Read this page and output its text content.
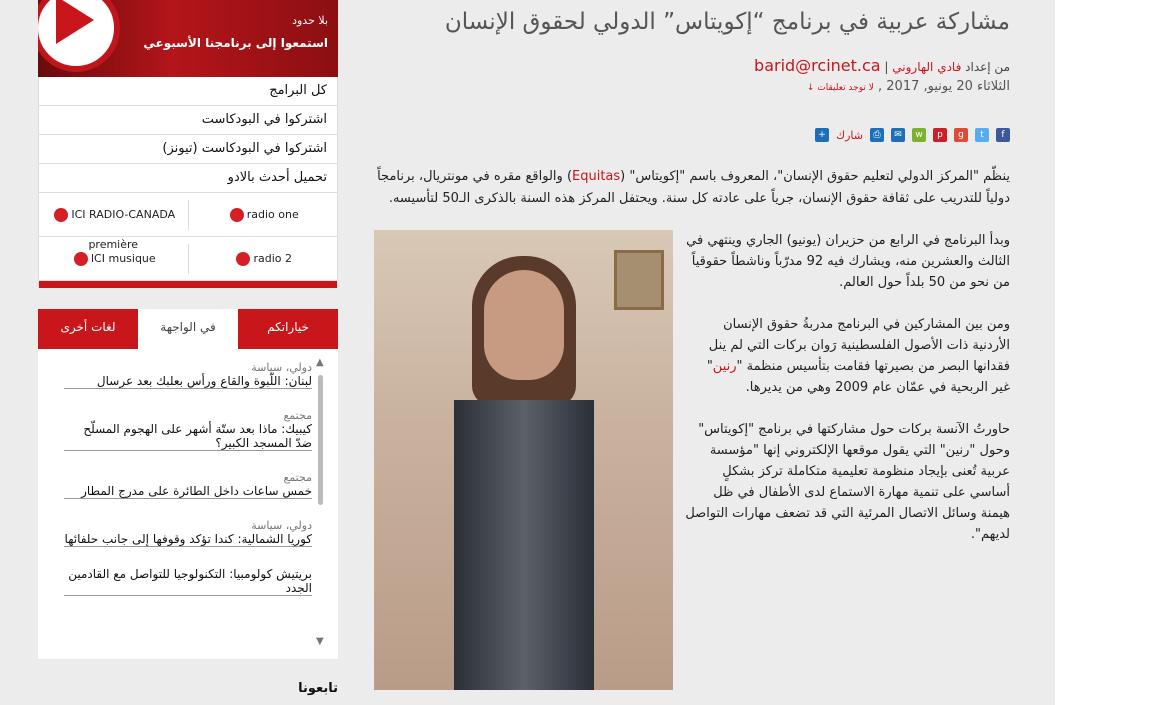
بلا حدود
استمعوا إلى برنامجنا الأسبوعي
كل البرامج
اشتركوا في البودكاست
اشتركوا في البودكاست (تيونز)
تحميل أحدث بالادو
ICI RADIO-CANADA première
radio one
ICI musique	radio 2
لغات أخرى	في الواجهة	خياراتكم
دولي، سياسة
لبنان: اللّبوة والقاع ورأس بعلبك بعد عرسال
مجتمع
كيبيك: ماذا بعد ستّة أشهر على الهجوم المسلّح ضدّ المسجد الكبير؟
مجتمع
خمس ساعات داخل الطائرة على مدرج المطار
دولي، سياسة
كوريا الشمالية: كندا تؤكد وقوفها إلى جانب حلفائها
بريتيش كولومبيا: التكنولوجيا للتواصل مع القادمين الجدد
▲
▼
تابعونا
مشاركة عربية في برنامج “إكويتاس” الدولي لحقوق الإنسان
من إعداد فادي الهاروني | barid@rcinet.ca
الثلاثاء 20 يونيو, 2017 , لا توجد تعليقات ↓
f
t
g
p
w
✉
⎙
شارك
+

ينظّم "المركز الدولي لتعليم حقوق الإنسان"، المعروف باسم "إكويتاس" (Equitas) والواقع مقره في مونتريال، برنامجاً دولياً للتدريب على ثقافة حقوق الإنسان، جرياً على عادته كل سنة. ويحتفل المركز هذه السنة بالذكرى الـ50 لتأسيسه.

وبدأ البرنامج في الرابع من حزيران (يونيو) الجاري وينتهي في الثالث والعشرين منه، ويشارك فيه 92 مدرّباً وناشطاً حقوقياً من نحو من 50 بلداً حول العالم.

ومن بين المشاركين في البرنامج مدربةُ حقوق الإنسان الأردنية ذات الأصول الفلسطينية رَوان بركات التي لم ينل فقدانها البصر من بصيرتها فقامت بتأسيس منظمة "رنين" غير الربحية في عمّان عام 2009 وهي من يديرها.

حاورتُ الآنسة بركات حول مشاركتها في برنامج "إكويتاس" وحول "رنين" التي يقول موقعها الإلكتروني إنها "مؤسسة عربية تُعنى بإيجاد منظومة تعليمية متكاملة تركز بشكلٍ أساسي على تنمية مهارة الاستماع لدى الأطفال في ظل هيمنة وسائل الاتصال المرئية التي قد تضعف مهارات التواصل لديهم".
